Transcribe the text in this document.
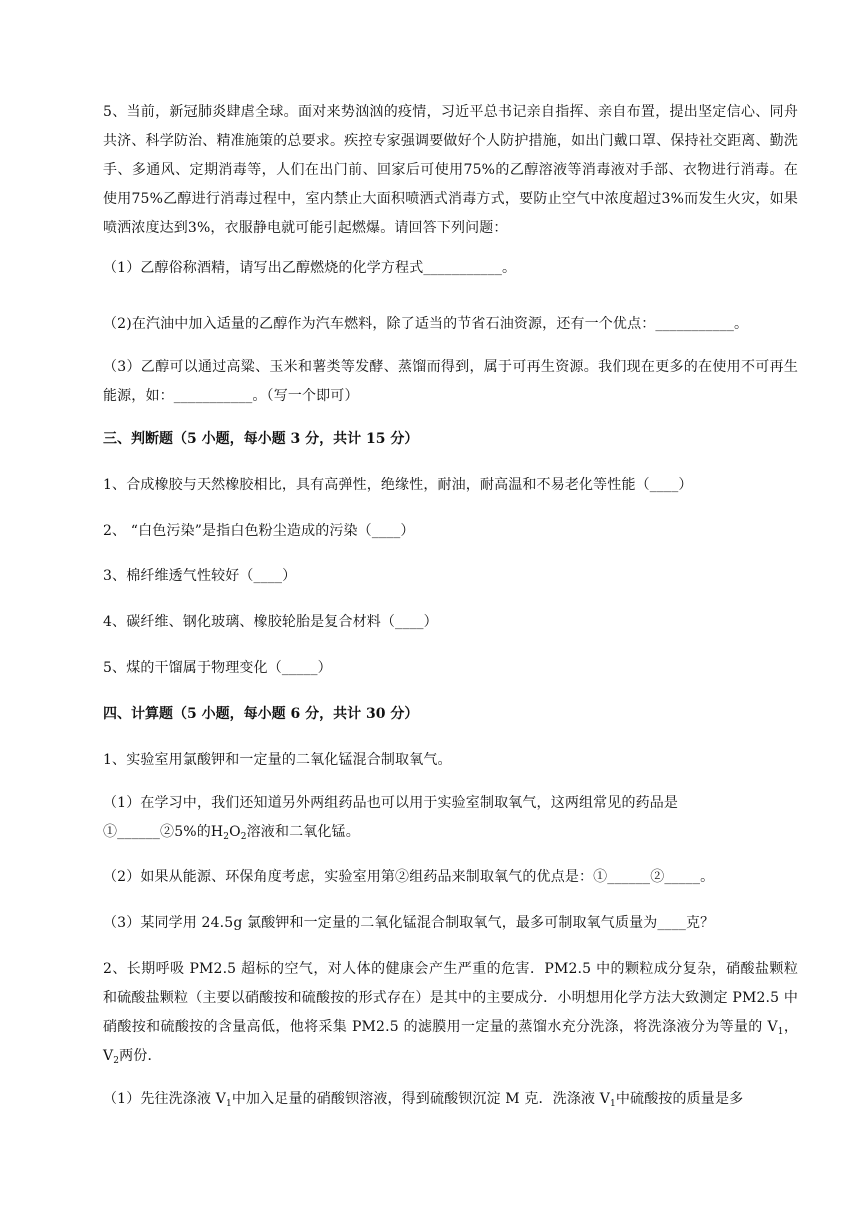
5、当前，新冠肺炎肆虐全球。面对来势汹汹的疫情，习近平总书记亲自指挥、亲自布置，提出坚定信心、同舟共济、科学防治、精准施策的总要求。疾控专家强调要做好个人防护措施，如出门戴口罩、保持社交距离、勤洗手、多通风、定期消毒等，人们在出门前、回家后可使用75%的乙醇溶液等消毒液对手部、衣物进行消毒。在使用75%乙醇进行消毒过程中，室内禁止大面积喷洒式消毒方式，要防止空气中浓度超过3%而发生火灾，如果喷洒浓度达到3%，衣服静电就可能引起燃爆。请回答下列问题：

（1）乙醇俗称酒精，请写出乙醇燃烧的化学方程式___________。

（2)在汽油中加入适量的乙醇作为汽车燃料，除了适当的节省石油资源，还有一个优点：___________。

（3）乙醇可以通过高粱、玉米和薯类等发酵、蒸馏而得到，属于可再生资源。我们现在更多的在使用不可再生能源，如：___________。（写一个即可）

三、判断题（5 小题，每小题 3 分，共计 15 分）

1、合成橡胶与天然橡胶相比，具有高弹性，绝缘性，耐油，耐高温和不易老化等性能（____）

2、 “白色污染”是指白色粉尘造成的污染（____）

3、棉纤维透气性较好（____）

4、碳纤维、钢化玻璃、橡胶轮胎是复合材料（____）

5、煤的干馏属于物理变化（_____）

四、计算题（5 小题，每小题 6 分，共计 30 分）

1、实验室用氯酸钾和一定量的二氧化锰混合制取氧气。

（1）在学习中，我们还知道另外两组药品也可以用于实验室制取氧气，这两组常见的药品是

①______②5%的$H_2O_2$溶液和二氧化锰。

（2）如果从能源、环保角度考虑，实验室用第②组药品来制取氧气的优点是：①______②_____。

（3）某同学用 24.5g 氯酸钾和一定量的二氧化锰混合制取氧气，最多可制取氧气质量为____克？

2、长期呼吸 PM2.5 超标的空气，对人体的健康会产生严重的危害．PM2.5 中的颗粒成分复杂，硝酸盐颗粒和硫酸盐颗粒（主要以硝酸按和硫酸按的形式存在）是其中的主要成分．小明想用化学方法大致测定 PM2.5 中硝酸按和硫酸按的含量高低，他将采集 PM2.5 的滤膜用一定量的蒸馏水充分洗涤，将洗涤液分为等量的 $V_1$，$V_2$两份．

（1）先往洗涤液 $V_1$中加入足量的硝酸钡溶液，得到硫酸钡沉淀 M 克．洗涤液 $V_1$中硫酸按的质量是多
